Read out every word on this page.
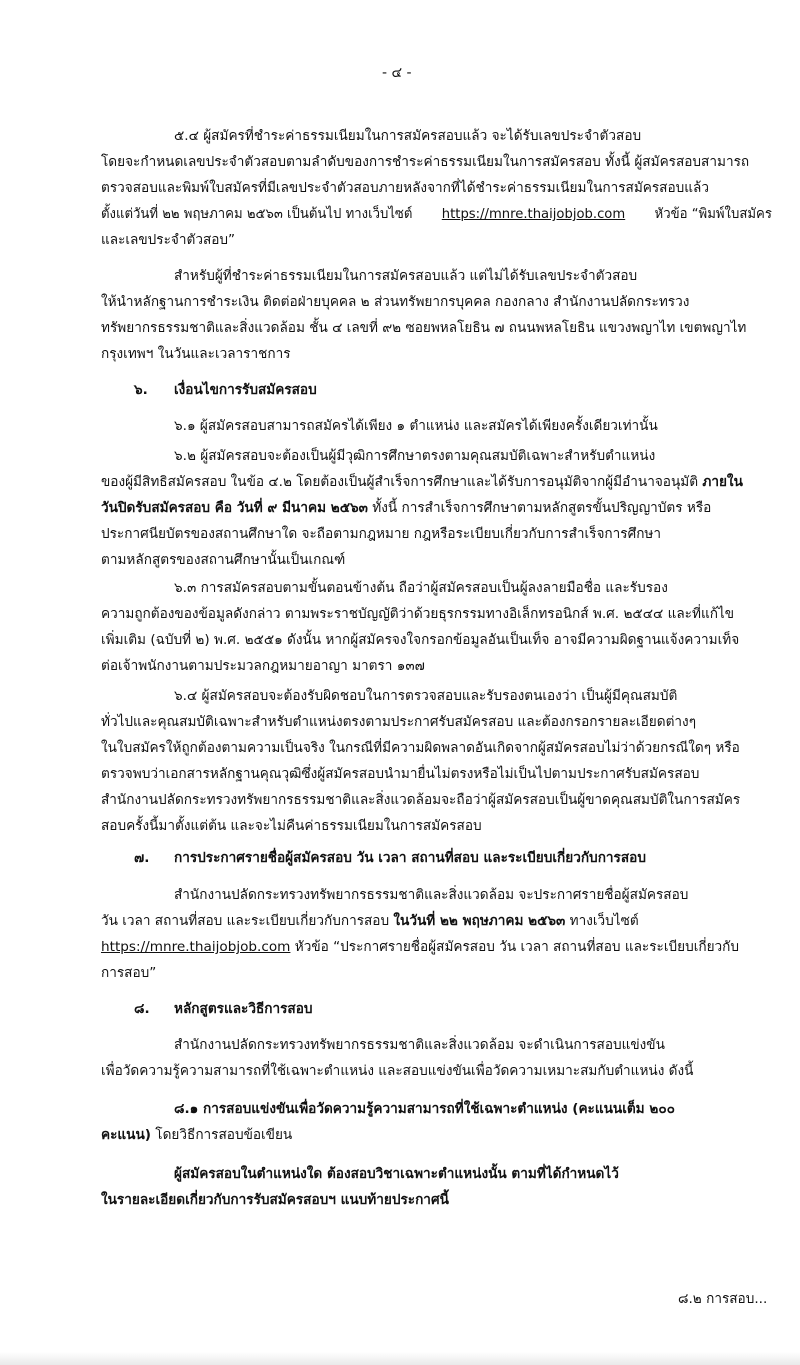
- ๔ -
๕.๔ ผู้สมัครที่ชำระค่าธรรมเนียมในการสมัครสอบแล้ว จะได้รับเลขประจำตัวสอบ
โดยจะกำหนดเลขประจำตัวสอบตามลำดับของการชำระค่าธรรมเนียมในการสมัครสอบ ทั้งนี้ ผู้สมัครสอบสามารถ
ตรวจสอบและพิมพ์ใบสมัครที่มีเลขประจำตัวสอบภายหลังจากที่ได้ชำระค่าธรรมเนียมในการสมัครสอบแล้ว
ตั้งแต่วันที่ ๒๒ พฤษภาคม ๒๕๖๓ เป็นต้นไป ทางเว็บไซต์ https://mnre.thaijobjob.com หัวข้อ “พิมพ์ใบสมัคร
และเลขประจำตัวสอบ”
สำหรับผู้ที่ชำระค่าธรรมเนียมในการสมัครสอบแล้ว แต่ไม่ได้รับเลขประจำตัวสอบ
ให้นำหลักฐานการชำระเงิน ติดต่อฝ่ายบุคคล ๒ ส่วนทรัพยากรบุคคล กองกลาง สำนักงานปลัดกระทรวง
ทรัพยากรธรรมชาติและสิ่งแวดล้อม ชั้น ๔ เลขที่ ๙๒ ซอยพหลโยธิน ๗ ถนนพหลโยธิน แขวงพญาไท เขตพญาไท
กรุงเทพฯ ในวันและเวลาราชการ
๖. เงื่อนไขการรับสมัครสอบ
๖.๑ ผู้สมัครสอบสามารถสมัครได้เพียง ๑ ตำแหน่ง และสมัครได้เพียงครั้งเดียวเท่านั้น
๖.๒ ผู้สมัครสอบจะต้องเป็นผู้มีวุฒิการศึกษาตรงตามคุณสมบัติเฉพาะสำหรับตำแหน่ง
ของผู้มีสิทธิสมัครสอบ ในข้อ ๔.๒ โดยต้องเป็นผู้สำเร็จการศึกษาและได้รับการอนุมัติจากผู้มีอำนาจอนุมัติ ภายใน
วันปิดรับสมัครสอบ คือ วันที่ ๙ มีนาคม ๒๕๖๓ ทั้งนี้ การสำเร็จการศึกษาตามหลักสูตรขั้นปริญญาบัตร หรือ
ประกาศนียบัตรของสถานศึกษาใด จะถือตามกฎหมาย กฎหรือระเบียบเกี่ยวกับการสำเร็จการศึกษา
ตามหลักสูตรของสถานศึกษานั้นเป็นเกณฑ์
๖.๓ การสมัครสอบตามขั้นตอนข้างต้น ถือว่าผู้สมัครสอบเป็นผู้ลงลายมือชื่อ และรับรอง
ความถูกต้องของข้อมูลดังกล่าว ตามพระราชบัญญัติว่าด้วยธุรกรรมทางอิเล็กทรอนิกส์ พ.ศ. ๒๕๔๔ และที่แก้ไข
เพิ่มเติม (ฉบับที่ ๒) พ.ศ. ๒๕๕๑ ดังนั้น หากผู้สมัครจงใจกรอกข้อมูลอันเป็นเท็จ อาจมีความผิดฐานแจ้งความเท็จ
ต่อเจ้าพนักงานตามประมวลกฎหมายอาญา มาตรา ๑๓๗
๖.๔ ผู้สมัครสอบจะต้องรับผิดชอบในการตรวจสอบและรับรองตนเองว่า เป็นผู้มีคุณสมบัติ
ทั่วไปและคุณสมบัติเฉพาะสำหรับตำแหน่งตรงตามประกาศรับสมัครสอบ และต้องกรอกรายละเอียดต่างๆ
ในใบสมัครให้ถูกต้องตามความเป็นจริง ในกรณีที่มีความผิดพลาดอันเกิดจากผู้สมัครสอบไม่ว่าด้วยกรณีใดๆ หรือ
ตรวจพบว่าเอกสารหลักฐานคุณวุฒิซึ่งผู้สมัครสอบนำมายื่นไม่ตรงหรือไม่เป็นไปตามประกาศรับสมัครสอบ
สำนักงานปลัดกระทรวงทรัพยากรธรรมชาติและสิ่งแวดล้อมจะถือว่าผู้สมัครสอบเป็นผู้ขาดคุณสมบัติในการสมัคร
สอบครั้งนี้มาตั้งแต่ต้น และจะไม่คืนค่าธรรมเนียมในการสมัครสอบ
๗. การประกาศรายชื่อผู้สมัครสอบ วัน เวลา สถานที่สอบ และระเบียบเกี่ยวกับการสอบ
สำนักงานปลัดกระทรวงทรัพยากรธรรมชาติและสิ่งแวดล้อม จะประกาศรายชื่อผู้สมัครสอบ
วัน เวลา สถานที่สอบ และระเบียบเกี่ยวกับการสอบ ในวันที่ ๒๒ พฤษภาคม ๒๕๖๓ ทางเว็บไซต์
https://mnre.thaijobjob.com หัวข้อ “ประกาศรายชื่อผู้สมัครสอบ วัน เวลา สถานที่สอบ และระเบียบเกี่ยวกับ
การสอบ”
๘. หลักสูตรและวิธีการสอบ
สำนักงานปลัดกระทรวงทรัพยากรธรรมชาติและสิ่งแวดล้อม จะดำเนินการสอบแข่งขัน
เพื่อวัดความรู้ความสามารถที่ใช้เฉพาะตำแหน่ง และสอบแข่งขันเพื่อวัดความเหมาะสมกับตำแหน่ง ดังนี้
๘.๑ การสอบแข่งขันเพื่อวัดความรู้ความสามารถที่ใช้เฉพาะตำแหน่ง (คะแนนเต็ม ๒๐๐
คะแนน) โดยวิธีการสอบข้อเขียน
ผู้สมัครสอบในตำแหน่งใด ต้องสอบวิชาเฉพาะตำแหน่งนั้น ตามที่ได้กำหนดไว้
ในรายละเอียดเกี่ยวกับการรับสมัครสอบฯ แนบท้ายประกาศนี้
๘.๒ การสอบ...
